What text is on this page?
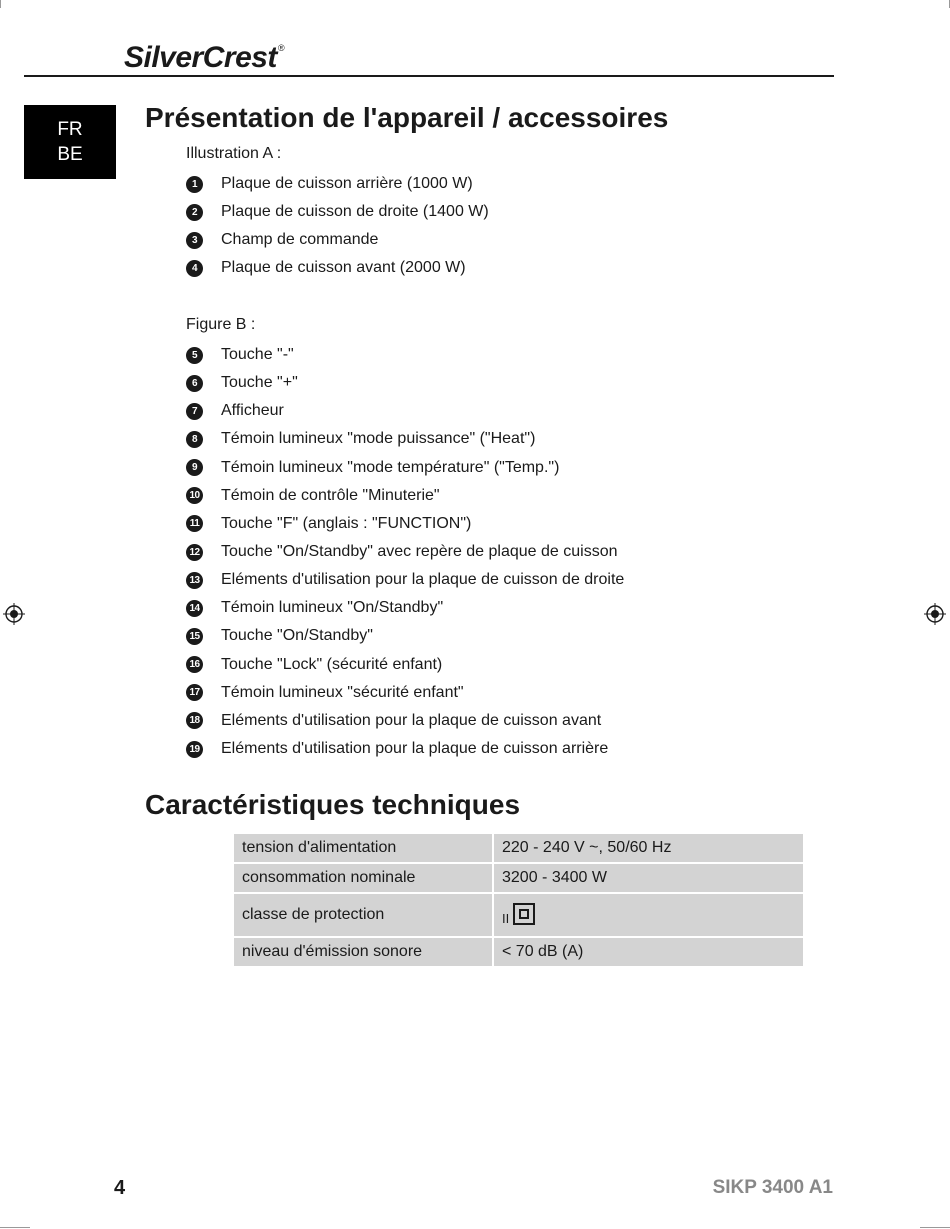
SilverCrest®
FR
BE
Présentation de l'appareil / accessoires
Illustration A :
1	Plaque de cuisson arrière (1000 W)
2	Plaque de cuisson de droite (1400 W)
3	Champ de commande
4	Plaque de cuisson avant (2000 W)
Figure B :
5	Touche "-"
6	Touche "+"
7	Afficheur
8	Témoin lumineux "mode puissance" ("Heat")
9	Témoin lumineux "mode température" ("Temp.")
10 Témoin de contrôle "Minuterie"
11 Touche "F" (anglais : "FUNCTION")
12 Touche "On/Standby" avec repère de plaque de cuisson
13 Eléments d'utilisation pour la plaque de cuisson de droite
14 Témoin lumineux "On/Standby"
15 Touche "On/Standby"
16 Touche "Lock" (sécurité enfant)
17 Témoin lumineux "sécurité enfant"
18 Eléments d'utilisation pour la plaque de cuisson avant
19 Eléments d'utilisation pour la plaque de cuisson arrière
Caractéristiques techniques
tension d'alimentation	220 - 240 V ~, 50/60 Hz
consommation nominale	3200 - 3400 W
classe de protection	II

niveau d'émission sonore	< 70 dB (A)
4	SIKP 3400 A1
